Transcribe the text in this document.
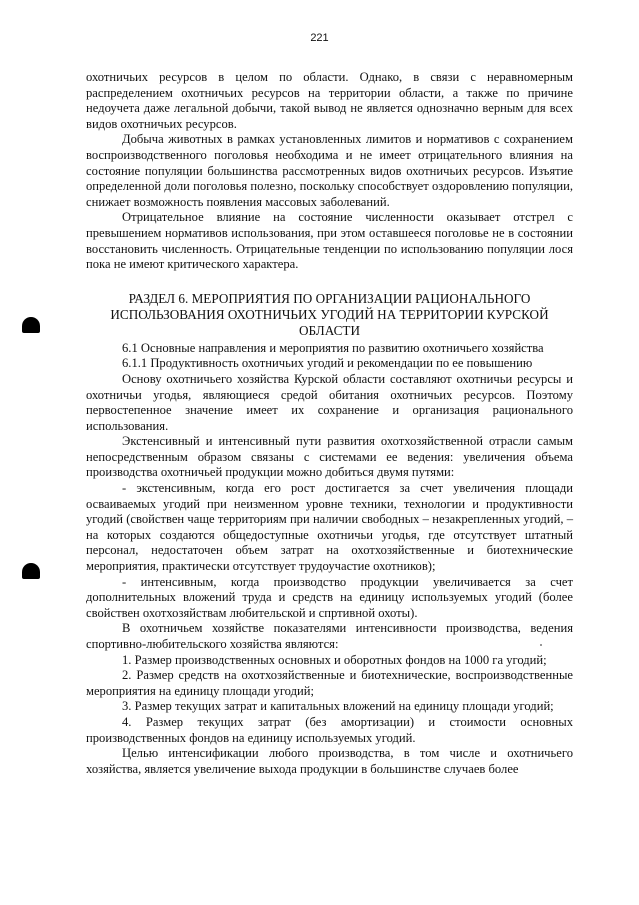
221

охотничьих ресурсов в целом по области. Однако, в связи с неравномерным распределением охотничьих ресурсов на территории области, а также по причине недоучета даже легальной добычи, такой вывод не является однозначно верным для всех видов охотничьих ресурсов.

Добыча животных в рамках установленных лимитов и нормативов с сохранением воспроизводственного поголовья необходима и не имеет отрицательного влияния на состояние популяции большинства рассмотренных видов охотничьих ресурсов. Изъятие определенной доли поголовья полезно, поскольку способствует оздоровлению популяции, снижает возможность появления массовых заболеваний.

Отрицательное влияние на состояние численности оказывает отстрел с превышением нормативов использования, при этом оставшееся поголовье не в состоянии восстановить численность. Отрицательные тенденции по использованию популяции лося пока не имеют критического характера.

РАЗДЕЛ 6. МЕРОПРИЯТИЯ ПО ОРГАНИЗАЦИИ РАЦИОНАЛЬНОГО
ИСПОЛЬЗОВАНИЯ ОХОТНИЧЬИХ УГОДИЙ НА ТЕРРИТОРИИ КУРСКОЙ
ОБЛАСТИ

6.1 Основные направления и мероприятия по развитию охотничьего хозяйства

6.1.1 Продуктивность охотничьих угодий и рекомендации по ее повышению

Основу охотничьего хозяйства Курской области составляют охотничьи ресурсы и охотничьи угодья, являющиеся средой обитания охотничьих ресурсов. Поэтому первостепенное значение имеет их сохранение и организация рационального использования.

Экстенсивный и интенсивный пути развития охотхозяйственной отрасли самым непосредственным образом связаны с системами ее ведения: увеличения объема производства охотничьей продукции можно добиться двумя путями:

- экстенсивным, когда его рост достигается за счет увеличения площади осваиваемых угодий при неизменном уровне техники, технологии и продуктивности угодий (свойствен чаще территориям при наличии свободных – незакрепленных угодий, – на которых создаются общедоступные охотничьи угодья, где отсутствует штатный персонал, недостаточен объем затрат на охотхозяйственные и биотехнические мероприятия, практически отсутствует трудоучастие охотников);

- интенсивным, когда производство продукции увеличивается за счет дополнительных вложений труда и средств на единицу используемых угодий (более свойствен охотхозяйствам любительской и спртивной охоты).

В охотничьем хозяйстве показателями интенсивности производства, ведения спортивно-любительского хозяйства являются:

1. Размер производственных основных и оборотных фондов на 1000 га угодий;

2. Размер средств на охотхозяйственные и биотехнические, воспроизводственные мероприятия на единицу площади угодий;

3. Размер текущих затрат и капитальных вложений на единицу площади угодий;

4. Размер текущих затрат (без амортизации) и стоимости основных производственных фондов на единицу используемых угодий.

Целью интенсификации любого производства, в том числе и охотничьего хозяйства, является увеличение выхода продукции в большинстве случаев более
